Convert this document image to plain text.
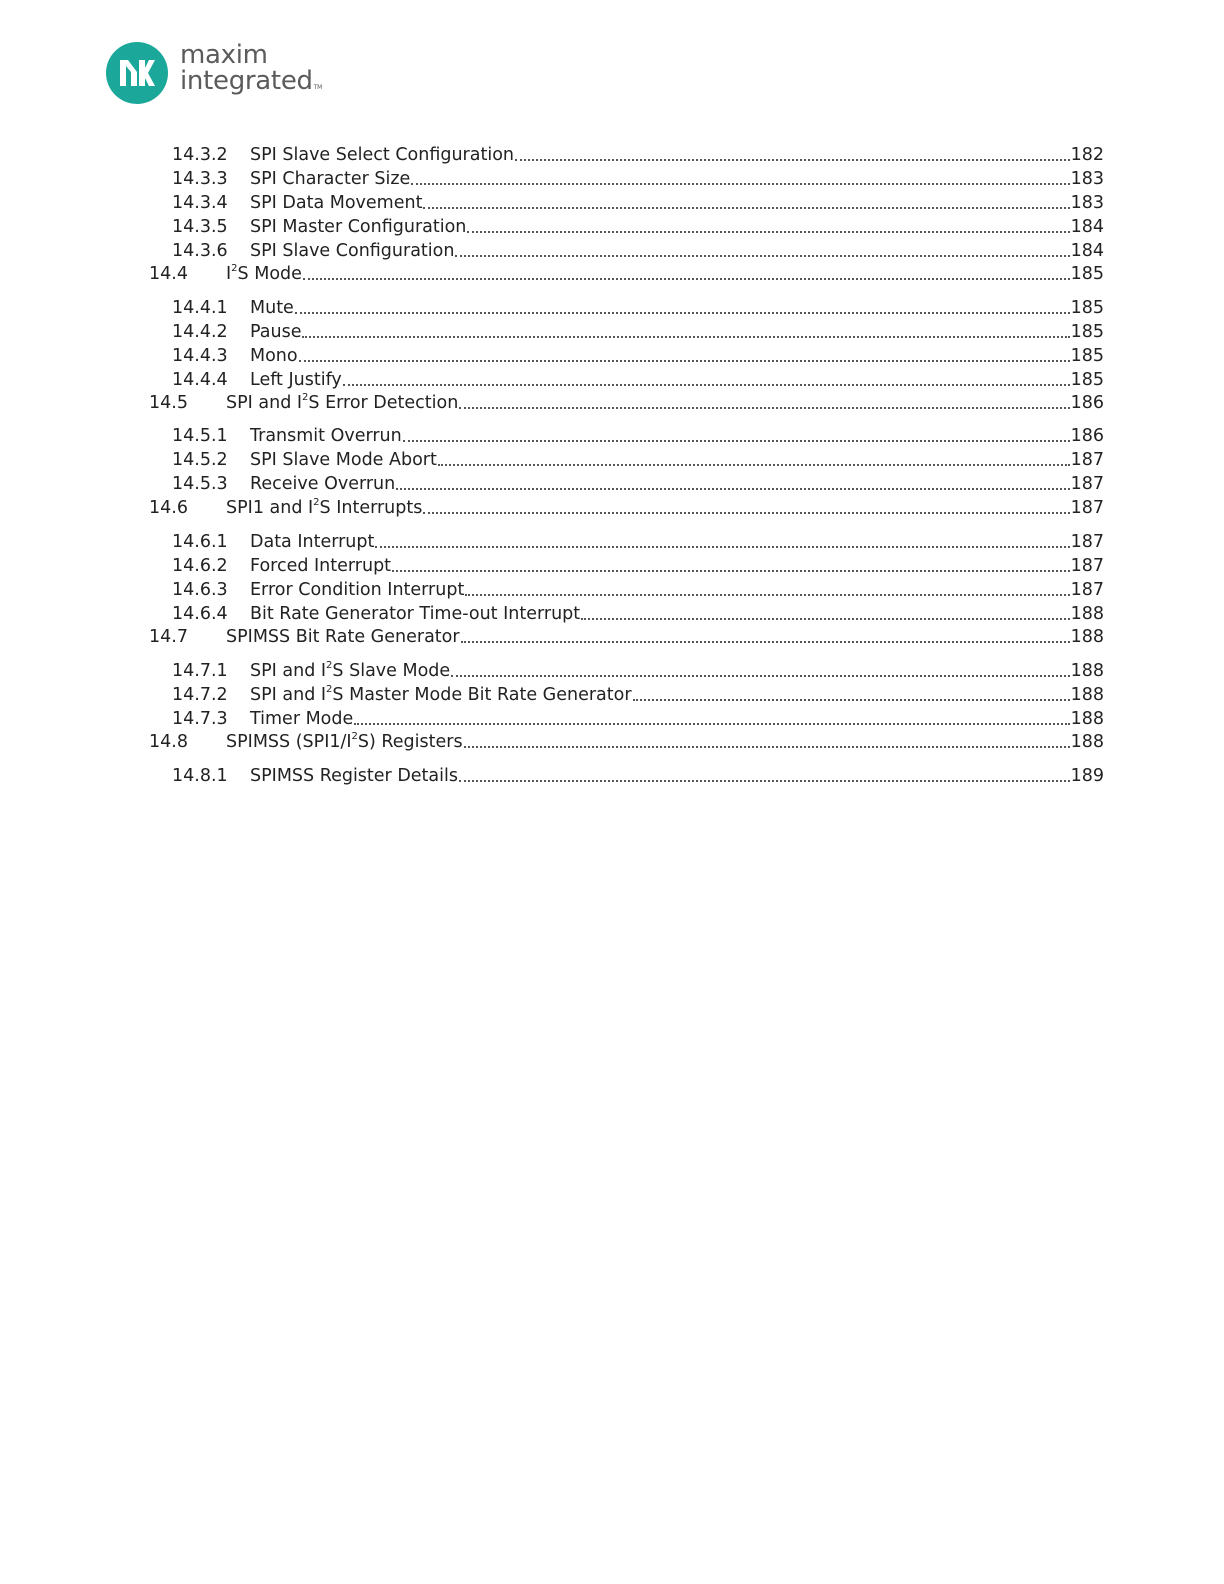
maxim
integratedTM
14.3.2 SPI Slave Select Configuration	182
14.3.3 SPI Character Size	183
14.3.4 SPI Data Movement	183
14.3.5 SPI Master Configuration	184
14.3.6 SPI Slave Configuration	184
14.4 $I^2S$ Mode	185
14.4.1 Mute	185
14.4.2 Pause	185
14.4.3 Mono	185
14.4.4 Left Justify	185
14.5 SPI and $I^2S$ Error Detection	186
14.5.1 Transmit Overrun	186
14.5.2 SPI Slave Mode Abort	187
14.5.3 Receive Overrun	187
14.6 SPI1 and $I^2S$ Interrupts	187
14.6.1 Data Interrupt	187
14.6.2 Forced Interrupt	187
14.6.3 Error Condition Interrupt	187
14.6.4 Bit Rate Generator Time-out Interrupt	188
14.7 SPIMSS Bit Rate Generator	188
14.7.1 SPI and $I^2S$ Slave Mode	188
14.7.2 SPI and $I^2S$ Master Mode Bit Rate Generator	188
14.7.3 Timer Mode	188
14.8 SPIMSS $(SPI1/I^2S)$ Registers	188
14.8.1 SPIMSS Register Details	189
